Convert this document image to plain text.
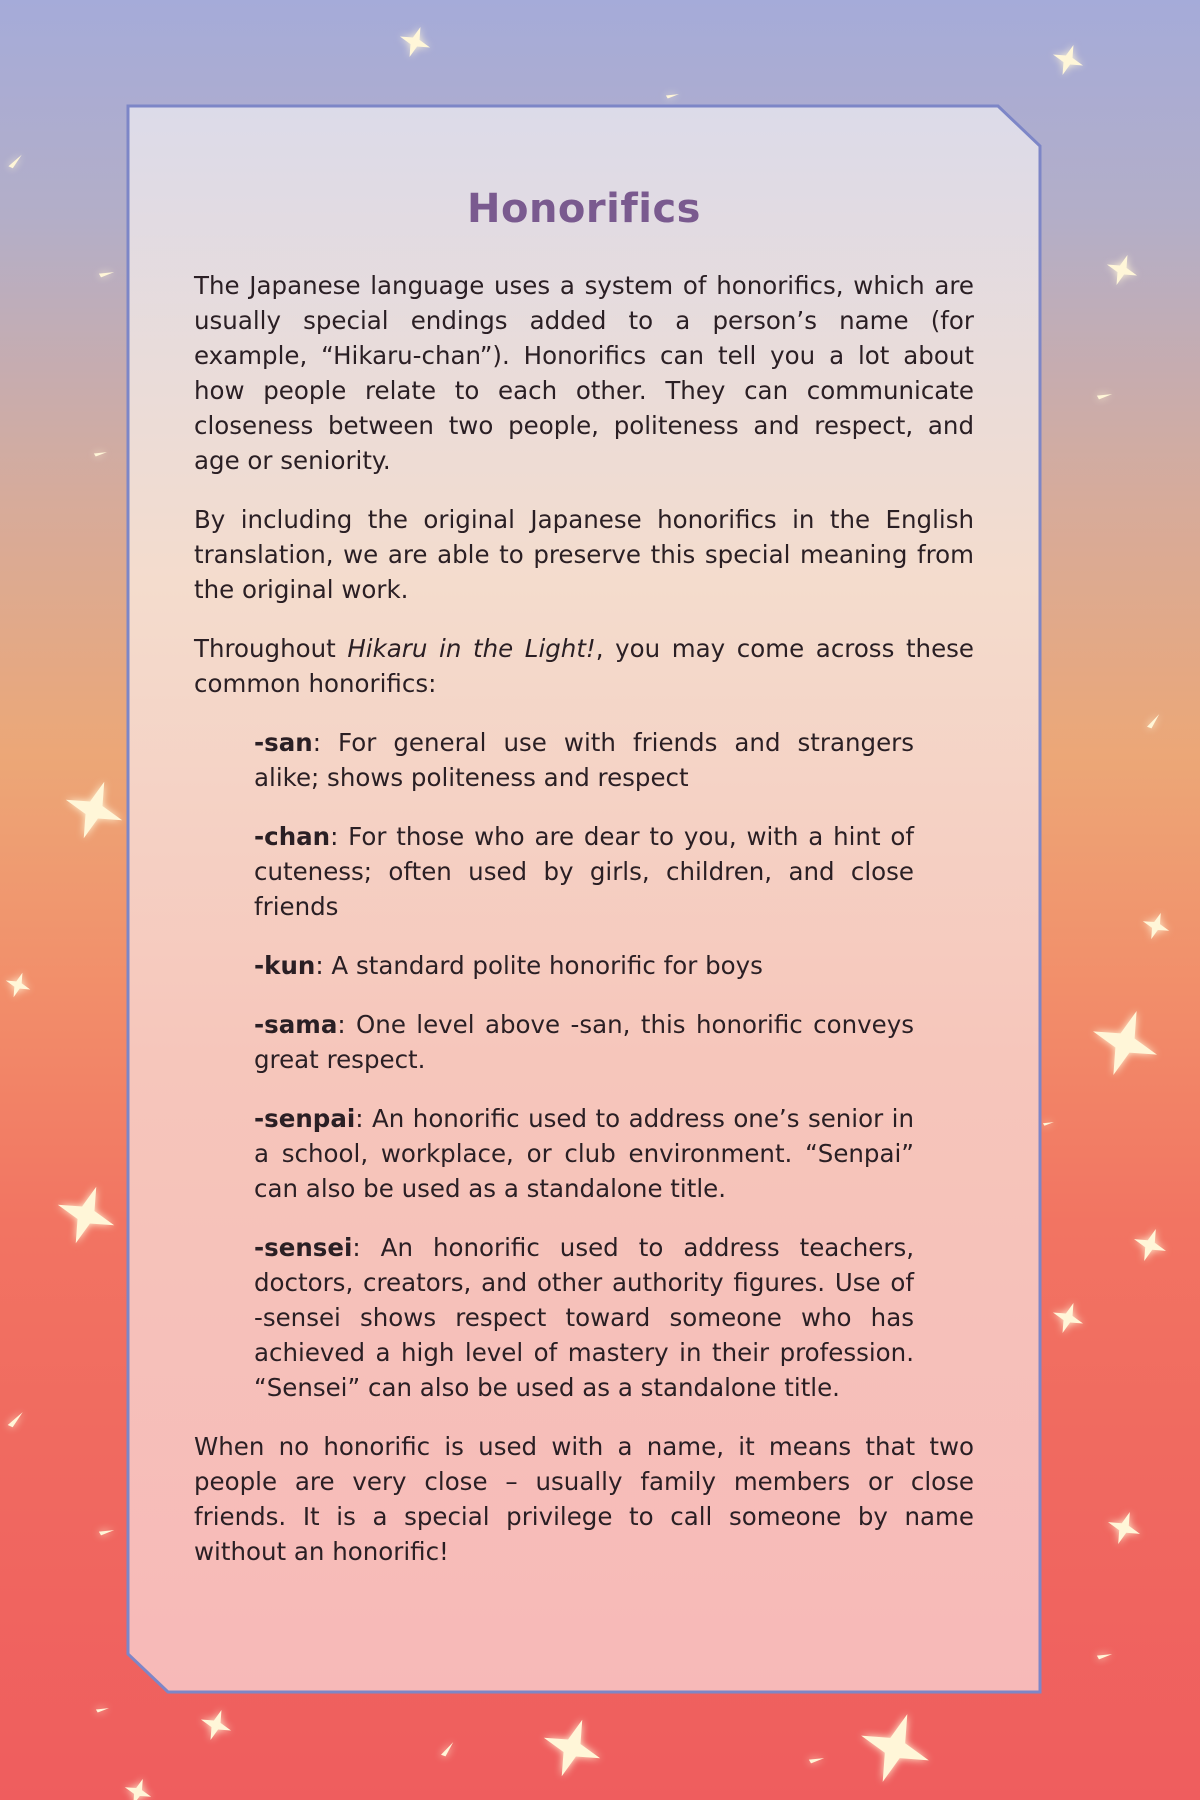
Honorifics

The Japanese language uses a system of honorifics, which are usually special endings added to a person’s name (for example, “Hikaru-chan”). Honorifics can tell you a lot about how people relate to each other. They can communicate closeness between two people, politeness and respect, and age or seniority.

By including the original Japanese honorifics in the English translation, we are able to preserve this special meaning from the original work.

Throughout Hikaru in the Light!, you may come across these common honorifics:

-san: For general use with friends and strangers alike; shows politeness and respect
-chan: For those who are dear to you, with a hint of cuteness; often used by girls, children, and close friends
-kun: A standard polite honorific for boys
-sama: One level above -san, this honorific conveys great respect.
-senpai: An honorific used to address one’s senior in a school, workplace, or club environment. “Senpai” can also be used as a standalone title.
-sensei: An honorific used to address teachers, doctors, creators, and other authority figures. Use of -sensei shows respect toward someone who has achieved a high level of mastery in their profession. “Sensei” can also be used as a standalone title.

When no honorific is used with a name, it means that two people are very close – usually family members or close friends. It is a special privilege to call someone by name without an honorific!
